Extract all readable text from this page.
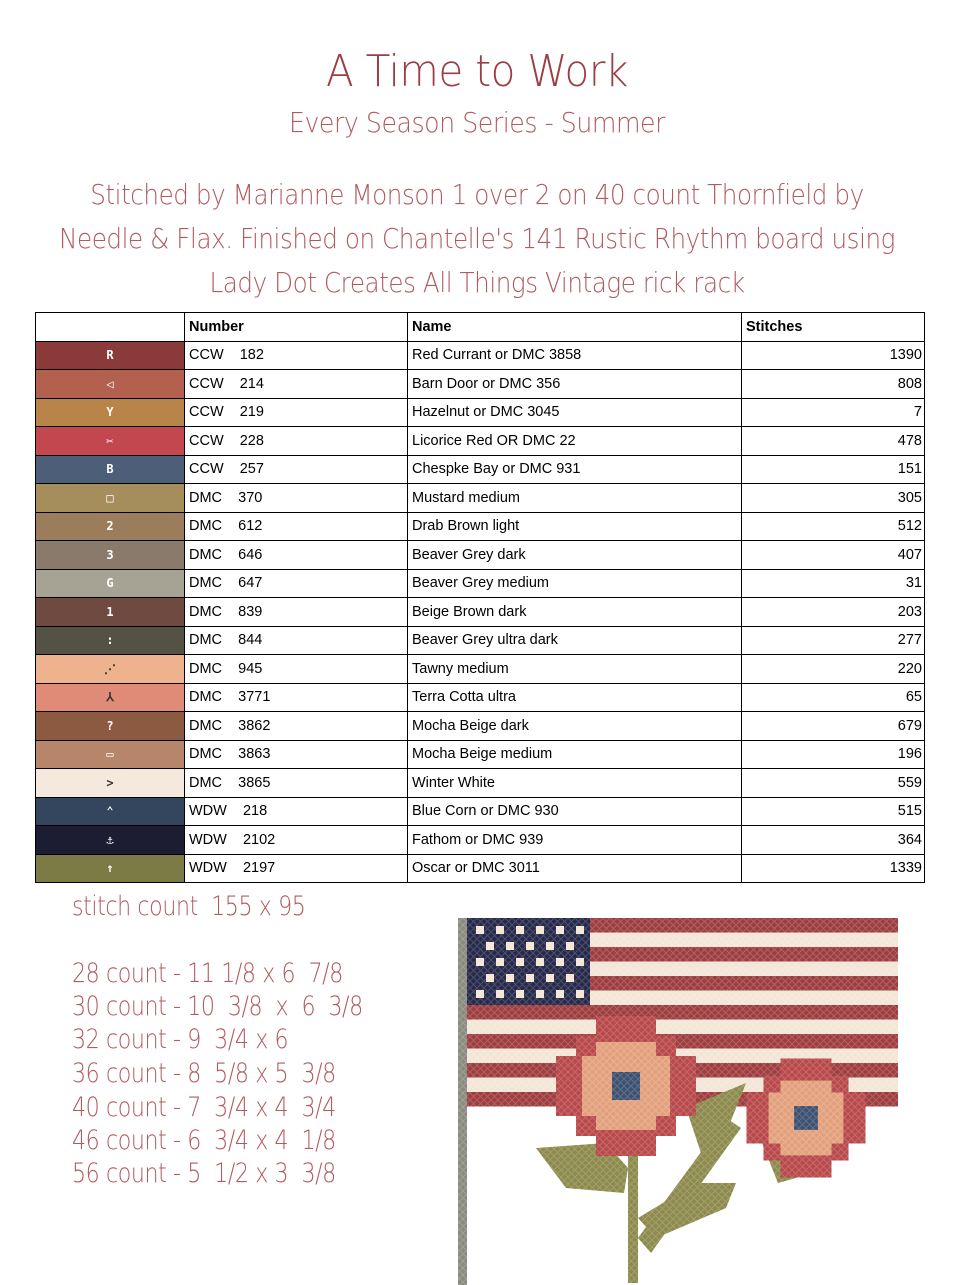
A Time to Work
Every Season Series - Summer
Stitched by Marianne Monson 1 over 2 on 40 count Thornfield by
Needle & Flax. Finished on Chantelle's 141 Rustic Rhythm board using
Lady Dot Creates All Things Vintage rick rack
	Number	Name	Stitches
R	CCW    182	Red Currant or DMC 3858	1390
◁	CCW    214	Barn Door or DMC 356	808
Y	CCW    219	Hazelnut or DMC 3045	7
✂	CCW    228	Licorice Red OR DMC 22	478
B	CCW    257	Chespke Bay or DMC 931	151
□	DMC    370	Mustard medium	305
2	DMC    612	Drab Brown light	512
3	DMC    646	Beaver Grey dark	407
G	DMC    647	Beaver Grey medium	31
1	DMC    839	Beige Brown dark	203
:	DMC    844	Beaver Grey ultra dark	277
⋰	DMC    945	Tawny medium	220
⅄	DMC    3771	Terra Cotta ultra	65
?	DMC    3862	Mocha Beige dark	679
▭	DMC    3863	Mocha Beige medium	196
>	DMC    3865	Winter White	559
⌃	WDW    218	Blue Corn or DMC 930	515
⚓	WDW    2102	Fathom or DMC 939	364
↑	WDW    2197	Oscar or DMC 3011	1339
stitch count  155 x 95
28 count - 11 1/8 x 6  7/8
30 count - 10  3/8  x  6  3/8
32 count - 9  3/4 x 6
36 count - 8  5/8 x 5  3/8
40 count - 7  3/4 x 4  3/4
46 count - 6  3/4 x 4  1/8
56 count - 5  1/2 x 3  3/8
